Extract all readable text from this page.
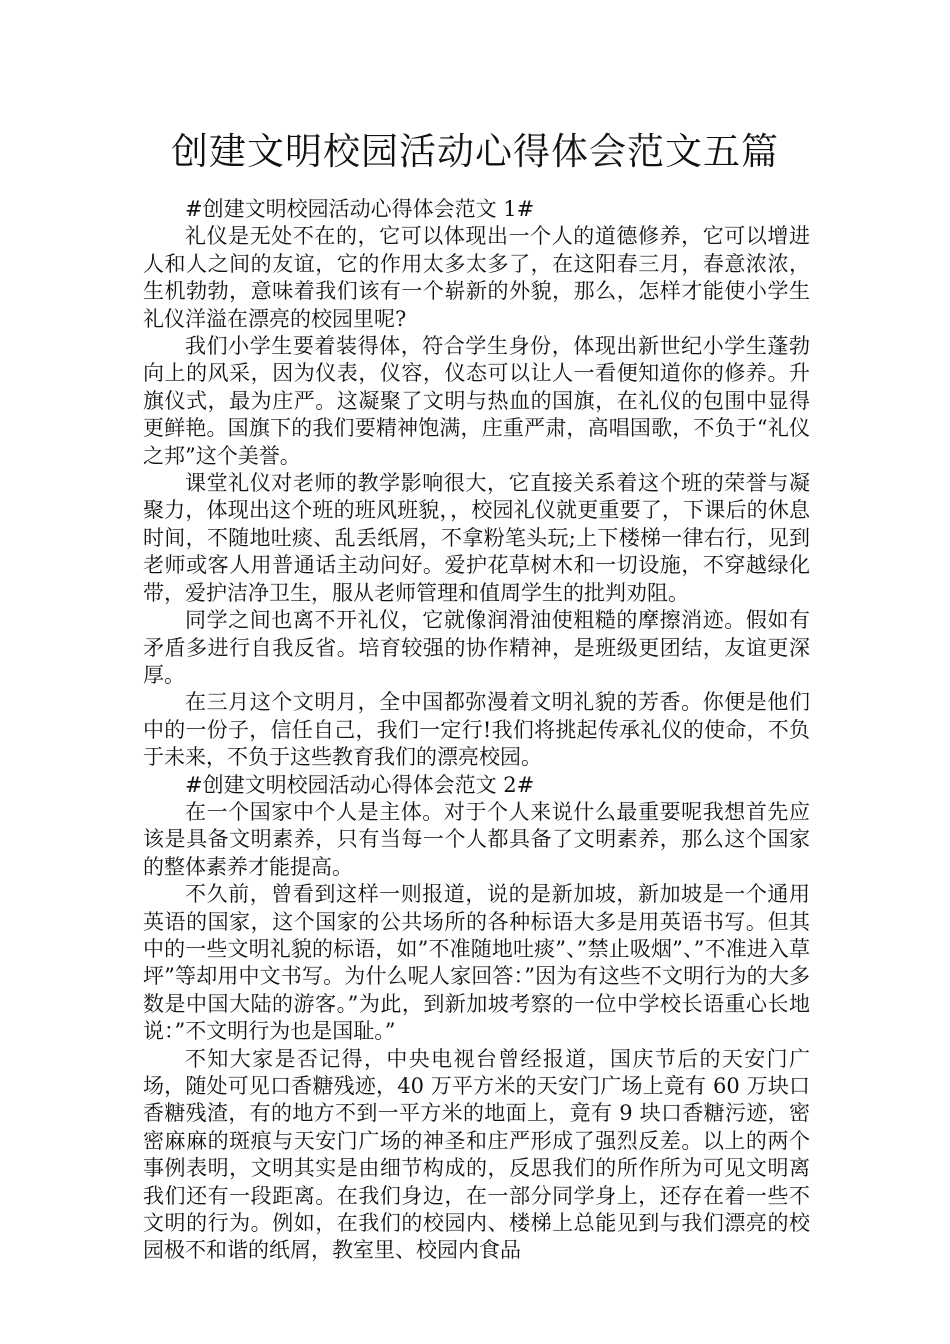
创建文明校园活动心得体会范文五篇

#创建文明校园活动心得体会范文 1#

礼仪是无处不在的，它可以体现出一个人的道德修养，它可以增进人和人之间的友谊，它的作用太多太多了，在这阳春三月，春意浓浓，生机勃勃，意味着我们该有一个崭新的外貌，那么，怎样才能使小学生礼仪洋溢在漂亮的校园里呢?

我们小学生要着装得体，符合学生身份，体现出新世纪小学生蓬勃向上的风采，因为仪表，仪容，仪态可以让人一看便知道你的修养。升旗仪式，最为庄严。这凝聚了文明与热血的国旗，在礼仪的包围中显得更鲜艳。国旗下的我们要精神饱满，庄重严肃，高唱国歌，不负于“礼仪之邦”这个美誉。

课堂礼仪对老师的教学影响很大，它直接关系着这个班的荣誉与凝聚力，体现出这个班的班风班貌，，校园礼仪就更重要了，下课后的休息时间，不随地吐痰、乱丢纸屑，不拿粉笔头玩;上下楼梯一律右行，见到老师或客人用普通话主动问好。爱护花草树木和一切设施，不穿越绿化带，爱护洁净卫生，服从老师管理和值周学生的批判劝阻。

同学之间也离不开礼仪，它就像润滑油使粗糙的摩擦消迹。假如有矛盾多进行自我反省。培育较强的协作精神，是班级更团结，友谊更深厚。

在三月这个文明月，全中国都弥漫着文明礼貌的芳香。你便是他们中的一份子，信任自己，我们一定行!我们将挑起传承礼仪的使命，不负于未来，不负于这些教育我们的漂亮校园。

#创建文明校园活动心得体会范文 2#

在一个国家中个人是主体。对于个人来说什么最重要呢我想首先应该是具备文明素养，只有当每一个人都具备了文明素养，那么这个国家的整体素养才能提高。

不久前，曾看到这样一则报道，说的是新加坡，新加坡是一个通用英语的国家，这个国家的公共场所的各种标语大多是用英语书写。但其中的一些文明礼貌的标语，如”不准随地吐痰”、”禁止吸烟”、”不准进入草坪”等却用中文书写。为什么呢人家回答：”因为有这些不文明行为的大多数是中国大陆的游客。”为此，到新加坡考察的一位中学校长语重心长地说：”不文明行为也是国耻。”

不知大家是否记得，中央电视台曾经报道，国庆节后的天安门广场，随处可见口香糖残迹，40 万平方米的天安门广场上竟有 60 万块口香糖残渣，有的地方不到一平方米的地面上，竟有 9 块口香糖污迹，密密麻麻的斑痕与天安门广场的神圣和庄严形成了强烈反差。以上的两个事例表明，文明其实是由细节构成的，反思我们的所作所为可见文明离我们还有一段距离。在我们身边，在一部分同学身上，还存在着一些不文明的行为。例如，在我们的校园内、楼梯上总能见到与我们漂亮的校园极不和谐的纸屑，教室里、校园内食品
